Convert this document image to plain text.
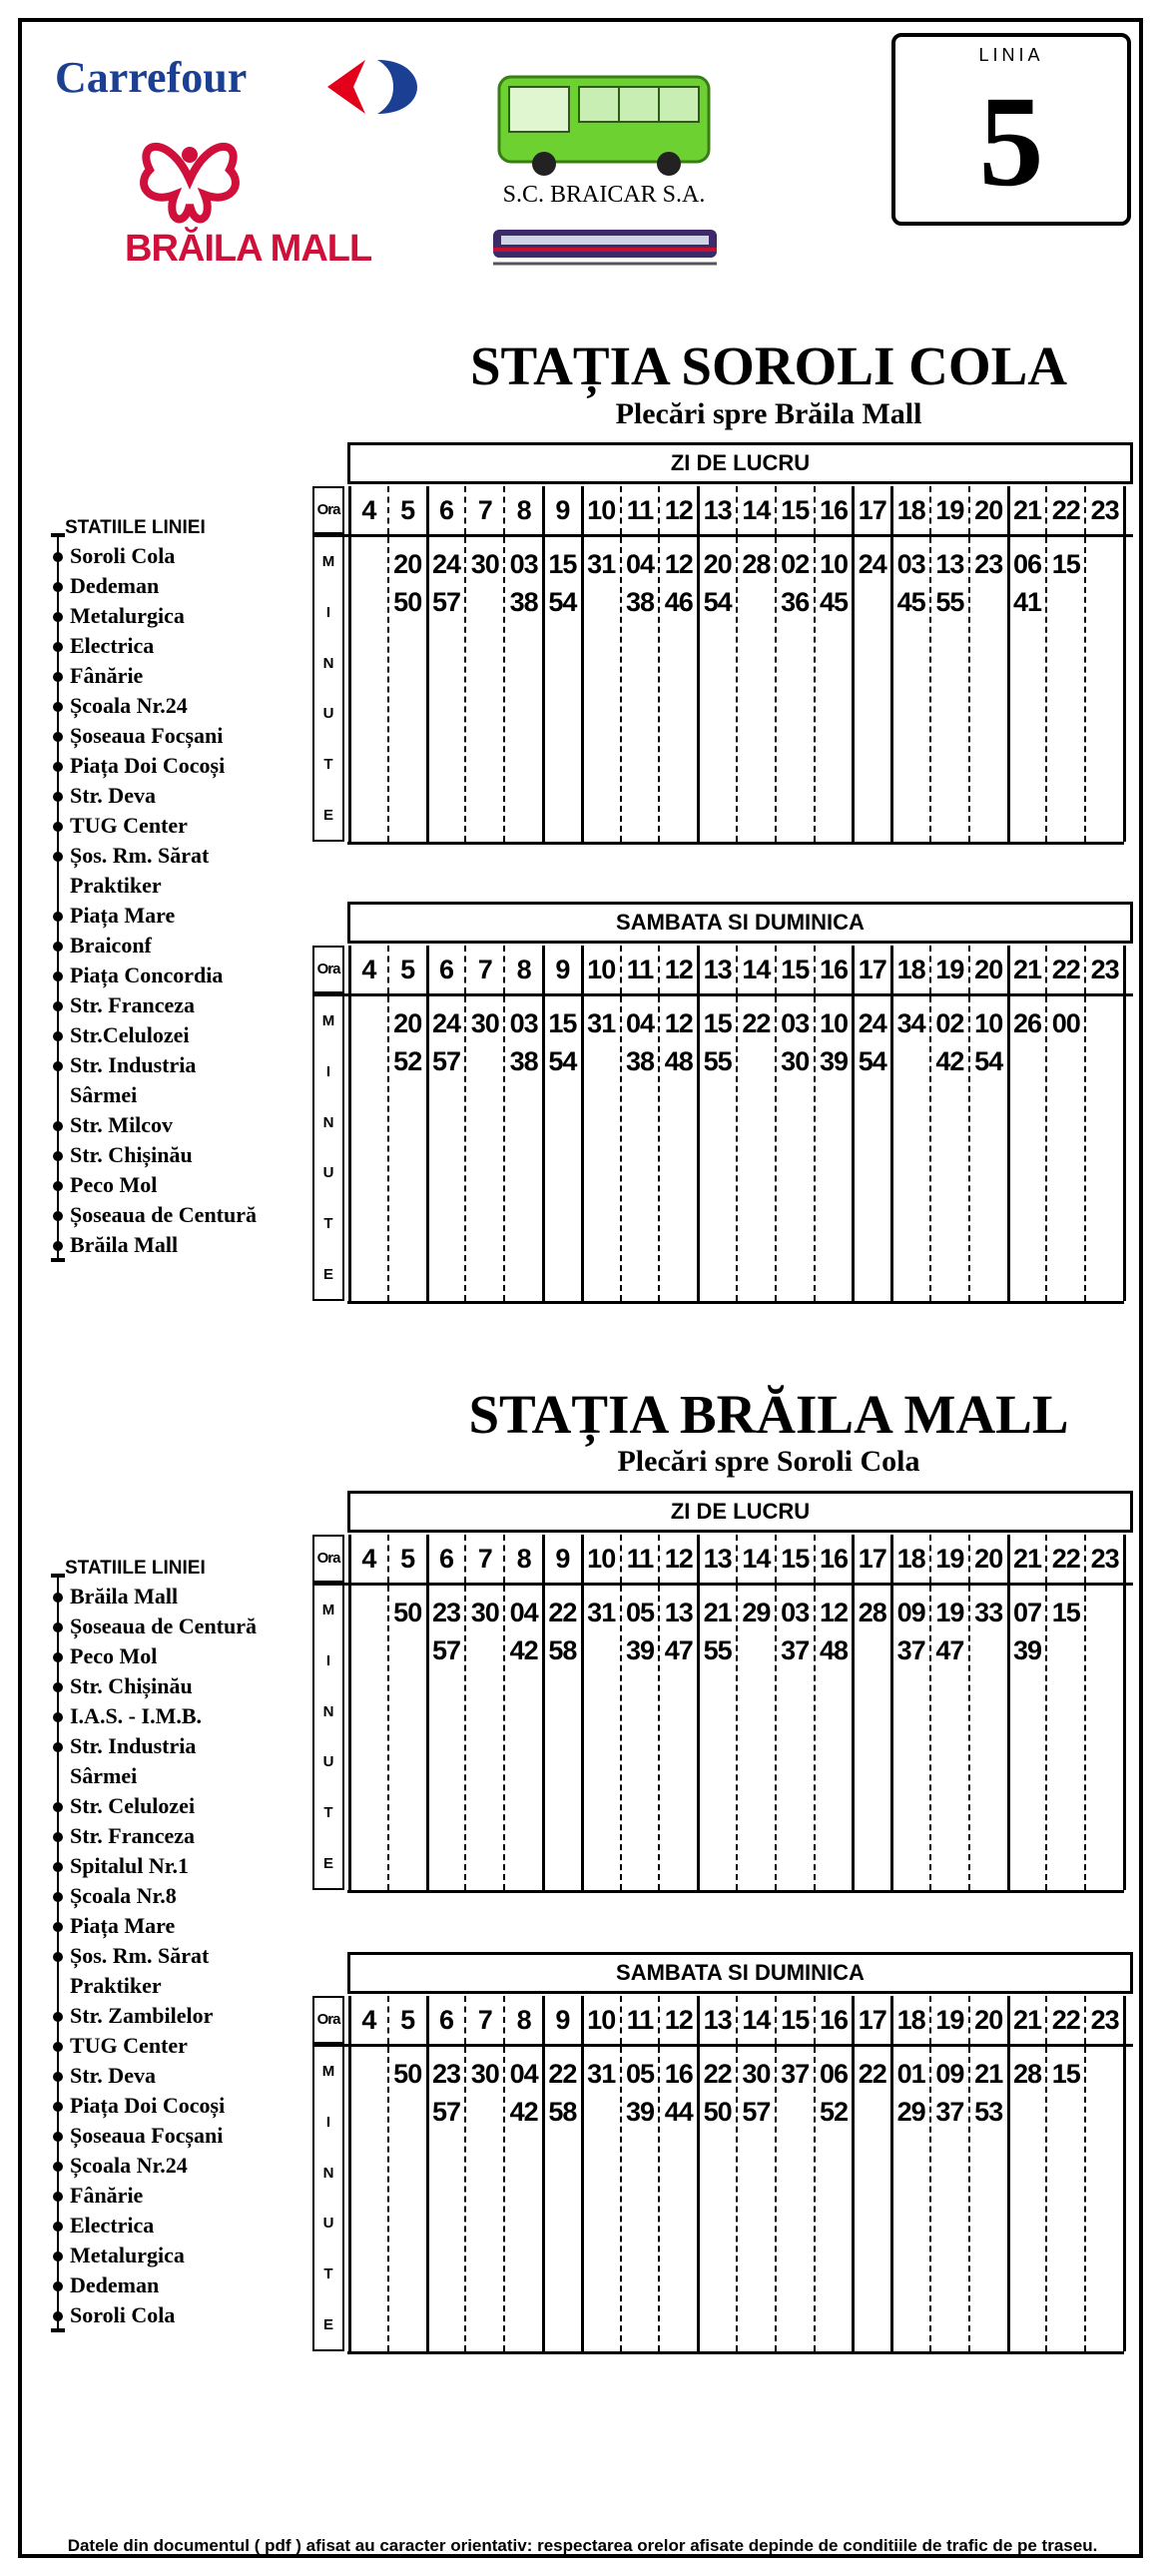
Carrefour
BRĂILA MALL
S.C. BRAICAR S.A.
LINIA
5
STAȚIA SOROLI COLA
Plecări spre Brăila Mall
STATIILE LINIEI
Soroli Cola
Dedeman
Metalurgica
Electrica
Fânărie
Școala Nr.24
Șoseaua Focșani
Piața Doi Cocoși
Str. Deva
TUG Center
Șos. Rm. Sărat
Praktiker
Piața Mare
Braiconf
Piața Concordia
Str. Franceza
Str.Celulozei
Str. Industria
Sârmei
Str. Milcov
Str. Chișinău
Peco Mol
Șoseaua de Centură
Brăila Mall
ZI DE LUCRU
Ora 4 5 6 7 8 9 10 11 12 13 14 15 16 17 18 19 20 21 22 23
M
I
N
U
T
E
20
50
24
57
30 03
38
15
54
31 04
38
12
46
20
54
28 02
36
10
45
24 03
45
13
55
23 06
41
15
SAMBATA SI DUMINICA
Ora 4 5 6 7 8 9 10 11 12 13 14 15 16 17 18 19 20 21 22 23
M
I
N
U
T
E
20
52
24
57
30 03
38
15
54
31 04
38
12
48
15
55
22 03
30
10
39
24
54
34 02
42
10
54
26 00
STAȚIA BRĂILA MALL
Plecări spre Soroli Cola
STATIILE LINIEI
Brăila Mall
Șoseaua de Centură
Peco Mol
Str. Chișinău
I.A.S. - I.M.B.
Str. Industria
Sârmei
Str. Celulozei
Str. Franceza
Spitalul Nr.1
Școala Nr.8
Piața Mare
Șos. Rm. Sărat
Praktiker
Str. Zambilelor
TUG Center
Str. Deva
Piața Doi Cocoși
Șoseaua Focșani
Școala Nr.24
Fânărie
Electrica
Metalurgica
Dedeman
Soroli Cola
ZI DE LUCRU
Ora 4 5 6 7 8 9 10 11 12 13 14 15 16 17 18 19 20 21 22 23
M
I
N
U
T
E
50 23
57
30 04
42
22
58
31 05
39
13
47
21
55
29 03
37
12
48
28 09
37
19
47
33 07
39
15
SAMBATA SI DUMINICA
Ora 4 5 6 7 8 9 10 11 12 13 14 15 16 17 18 19 20 21 22 23
M
I
N
U
T
E
50 23
57
30 04
42
22
58
31 05
39
16
44
22
50
30
57
37 06
52
22 01
29
09
37
21
53
28 15
Datele din documentul ( pdf ) afisat au caracter orientativ: respectarea orelor afisate depinde de conditiile de trafic de pe traseu.
